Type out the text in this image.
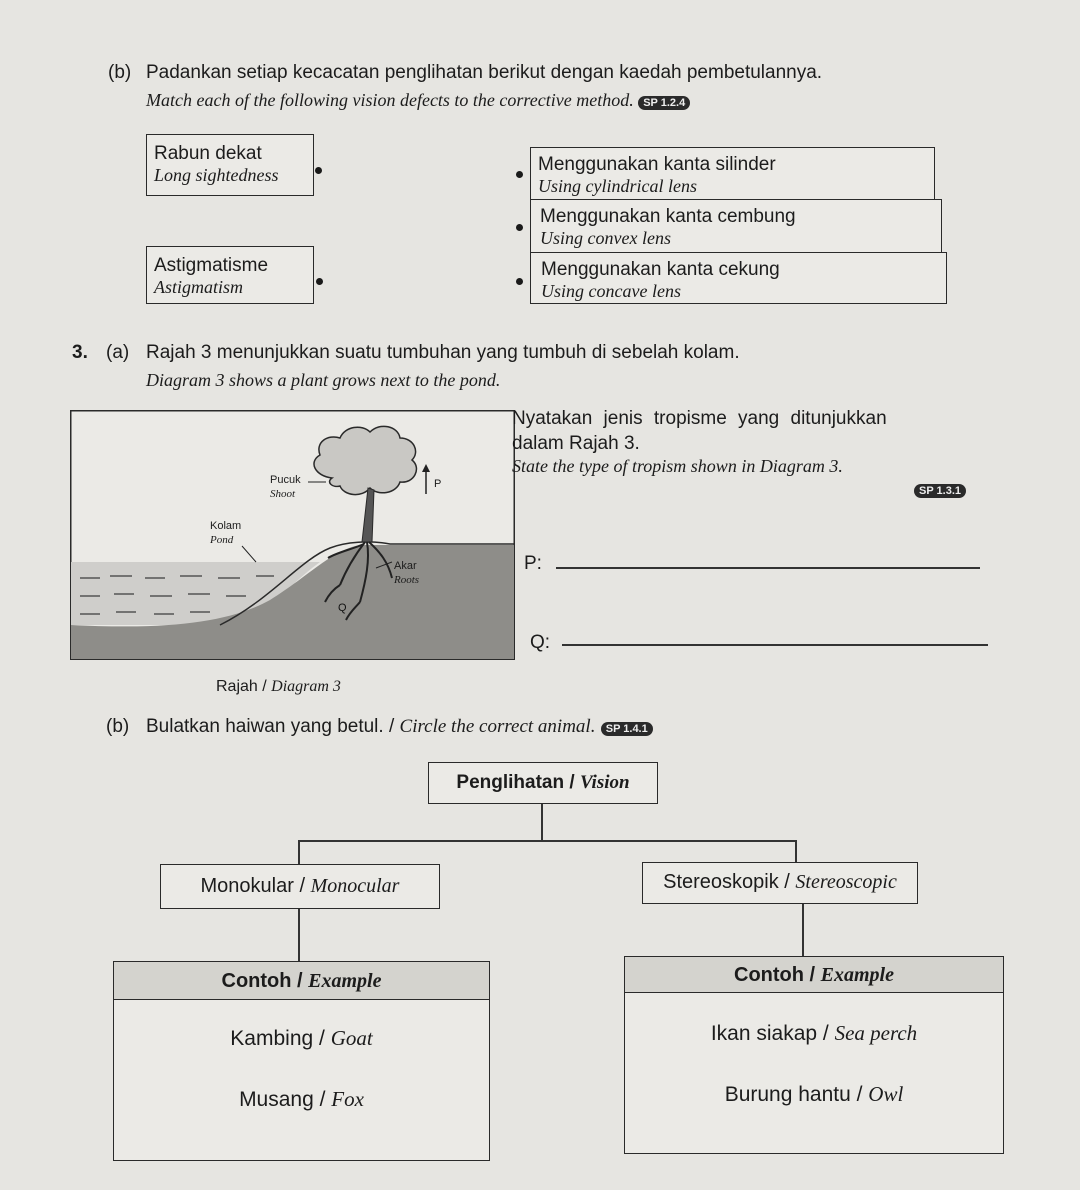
(b) Padankan setiap kecacatan penglihatan berikut dengan kaedah pembetulannya.
Match each of the following vision defects to the corrective method. SP 1.2.4
Rabun dekat
Long sightedness
Astigmatisme
Astigmatism
Menggunakan kanta silinder
Using cylindrical lens
Menggunakan kanta cembung
Using convex lens
Menggunakan kanta cekung
Using concave lens
3. (a) Rajah 3 menunjukkan suatu tumbuhan yang tumbuh di sebelah kolam.
Diagram 3 shows a plant grows next to the pond.
Pucuk
Shoot
P
Kolam
Pond
Akar
Roots
Q
Rajah / Diagram 3
Nyatakan jenis tropisme yang ditunjukkan
dalam Rajah 3.
State the type of tropism shown in Diagram 3.
SP 1.3.1
P:
Q:
(b) Bulatkan haiwan yang betul. / Circle the correct animal. SP 1.4.1
Penglihatan / Vision
Monokular / Monocular	Stereoskopik / Stereoscopic
Contoh / Example
Kambing / Goat
Musang / Fox
Contoh / Example
Ikan siakap / Sea perch
Burung hantu / Owl
